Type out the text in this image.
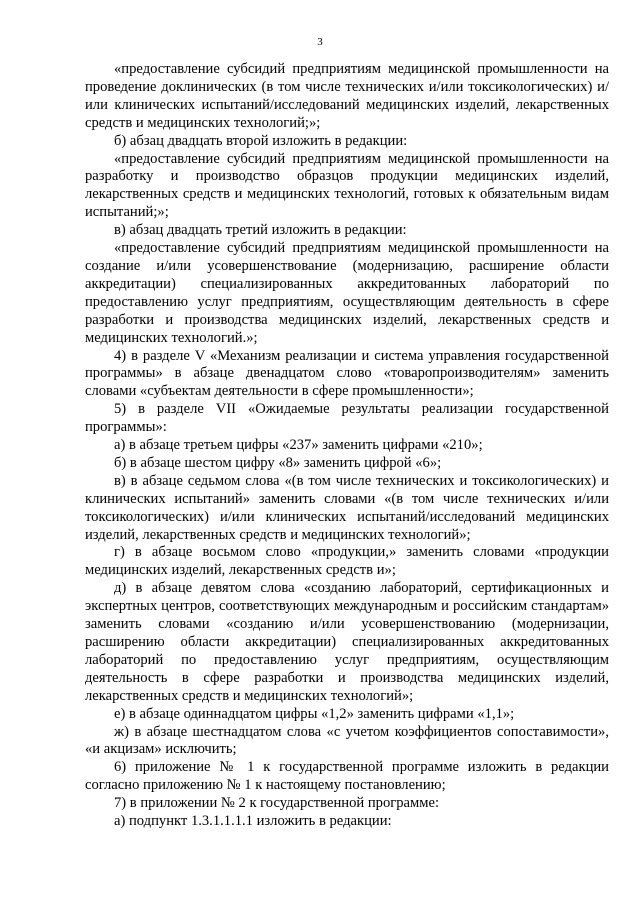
3

«предоставление субсидий предприятиям медицинской промышленности на проведение доклинических (в том числе технических и/или токсикологических) и/или клинических испытаний/исследований медицинских изделий, лекарственных средств и медицинских технологий;»;

б) абзац двадцать второй изложить в редакции:

«предоставление субсидий предприятиям медицинской промышленности на разработку и производство образцов продукции медицинских изделий, лекарственных средств и медицинских технологий, готовых к обязательным видам испытаний;»;

в) абзац двадцать третий изложить в редакции:

«предоставление субсидий предприятиям медицинской промышленности на создание и/или усовершенствование (модернизацию, расширение области аккредитации) специализированных аккредитованных лабораторий по предоставлению услуг предприятиям, осуществляющим деятельность в сфере разработки и производства медицинских изделий, лекарственных средств и медицинских технологий.»;

4) в разделе V «Механизм реализации и система управления государственной программы» в абзаце двенадцатом слово «товаропроизводителям» заменить словами «субъектам деятельности в сфере промышленности»;

5) в разделе VII «Ожидаемые результаты реализации государственной программы»:

а) в абзаце третьем цифры «237» заменить цифрами «210»;

б) в абзаце шестом цифру «8» заменить цифрой «6»;

в) в абзаце седьмом слова «(в том числе технических и токсикологических) и клинических испытаний» заменить словами «(в том числе технических и/или токсикологических) и/или клинических испытаний/исследований медицинских изделий, лекарственных средств и медицинских технологий»;

г) в абзаце восьмом слово «продукции,» заменить словами «продукции медицинских изделий, лекарственных средств и»;

д) в абзаце девятом слова «созданию лабораторий, сертификационных и экспертных центров, соответствующих международным и российским стандартам» заменить словами «созданию и/или усовершенствованию (модернизации, расширению области аккредитации) специализированных аккредитованных лабораторий по предоставлению услуг предприятиям, осуществляющим деятельность в сфере разработки и производства медицинских изделий, лекарственных средств и медицинских технологий»;

е) в абзаце одиннадцатом цифры «1,2» заменить цифрами «1,1»;

ж) в абзаце шестнадцатом слова «с учетом коэффициентов сопоставимости», «и акцизам» исключить;

6) приложение № 1 к государственной программе изложить в редакции согласно приложению № 1 к настоящему постановлению;

7) в приложении № 2 к государственной программе:

а) подпункт 1.3.1.1.1.1 изложить в редакции:
